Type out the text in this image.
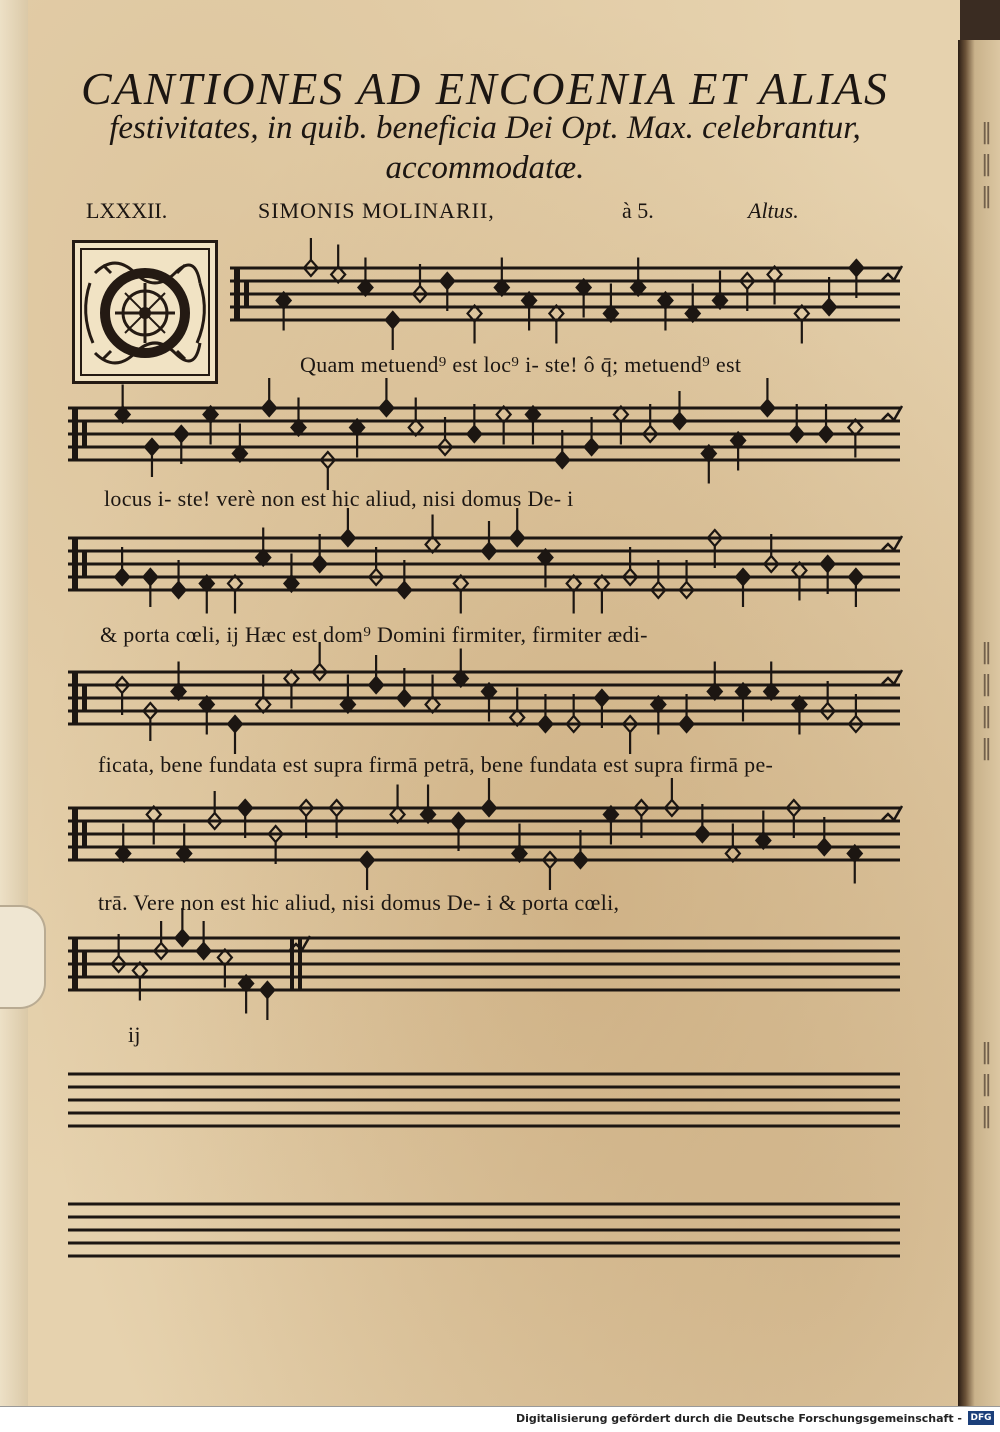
‖ ‖ ‖
‖ ‖ ‖ ‖
‖ ‖ ‖
CANTIONES AD ENCOENIA ET ALIAS
festivitates, in quib. beneficia Dei Opt. Max. celebrantur,
accommodatæ.
LXXXII.	SIMONIS MOLINARII,	à 5.	Altus.
Quam metuend⁹ est loc⁹ i- ste! ô q̄; metuend⁹ est
locus i- ste! verè non est hic aliud, nisi domus De- i
& porta cœli, ij Hæc est dom⁹ Domini firmiter, firmiter ædi-
ficata, bene fundata est supra firmā petrā, bene fundata est supra firmā pe-
trā. Vere non est hic aliud, nisi domus De- i & porta cœli,
ij
Digitalisierung gefördert durch die Deutsche Forschungsgemeinschaft - DFG
